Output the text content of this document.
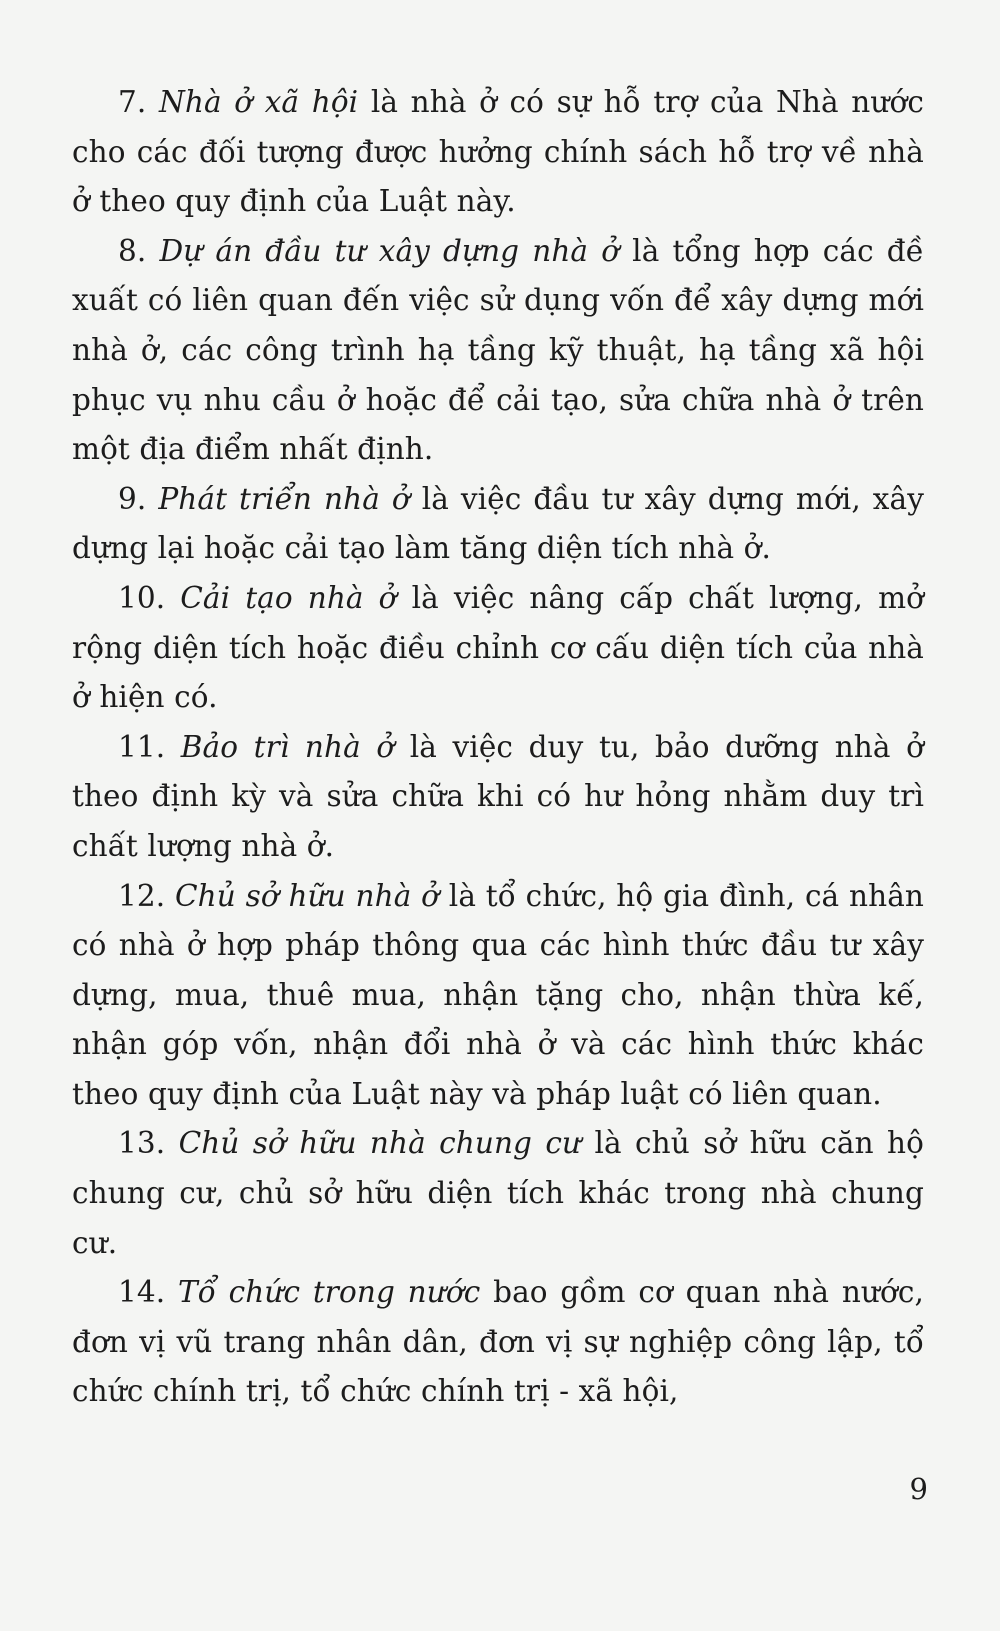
7. Nhà ở xã hội là nhà ở có sự hỗ trợ của Nhà nước cho các đối tượng được hưởng chính sách hỗ trợ về nhà ở theo quy định của Luật này.

8. Dự án đầu tư xây dựng nhà ở là tổng hợp các đề xuất có liên quan đến việc sử dụng vốn để xây dựng mới nhà ở, các công trình hạ tầng kỹ thuật, hạ tầng xã hội phục vụ nhu cầu ở hoặc để cải tạo, sửa chữa nhà ở trên một địa điểm nhất định.

9. Phát triển nhà ở là việc đầu tư xây dựng mới, xây dựng lại hoặc cải tạo làm tăng diện tích nhà ở.

10. Cải tạo nhà ở là việc nâng cấp chất lượng, mở rộng diện tích hoặc điều chỉnh cơ cấu diện tích của nhà ở hiện có.

11. Bảo trì nhà ở là việc duy tu, bảo dưỡng nhà ở theo định kỳ và sửa chữa khi có hư hỏng nhằm duy trì chất lượng nhà ở.

12. Chủ sở hữu nhà ở là tổ chức, hộ gia đình, cá nhân có nhà ở hợp pháp thông qua các hình thức đầu tư xây dựng, mua, thuê mua, nhận tặng cho, nhận thừa kế, nhận góp vốn, nhận đổi nhà ở và các hình thức khác theo quy định của Luật này và pháp luật có liên quan.

13. Chủ sở hữu nhà chung cư là chủ sở hữu căn hộ chung cư, chủ sở hữu diện tích khác trong nhà chung cư.

14. Tổ chức trong nước bao gồm cơ quan nhà nước, đơn vị vũ trang nhân dân, đơn vị sự nghiệp công lập, tổ chức chính trị, tổ chức chính trị - xã hội,

9
